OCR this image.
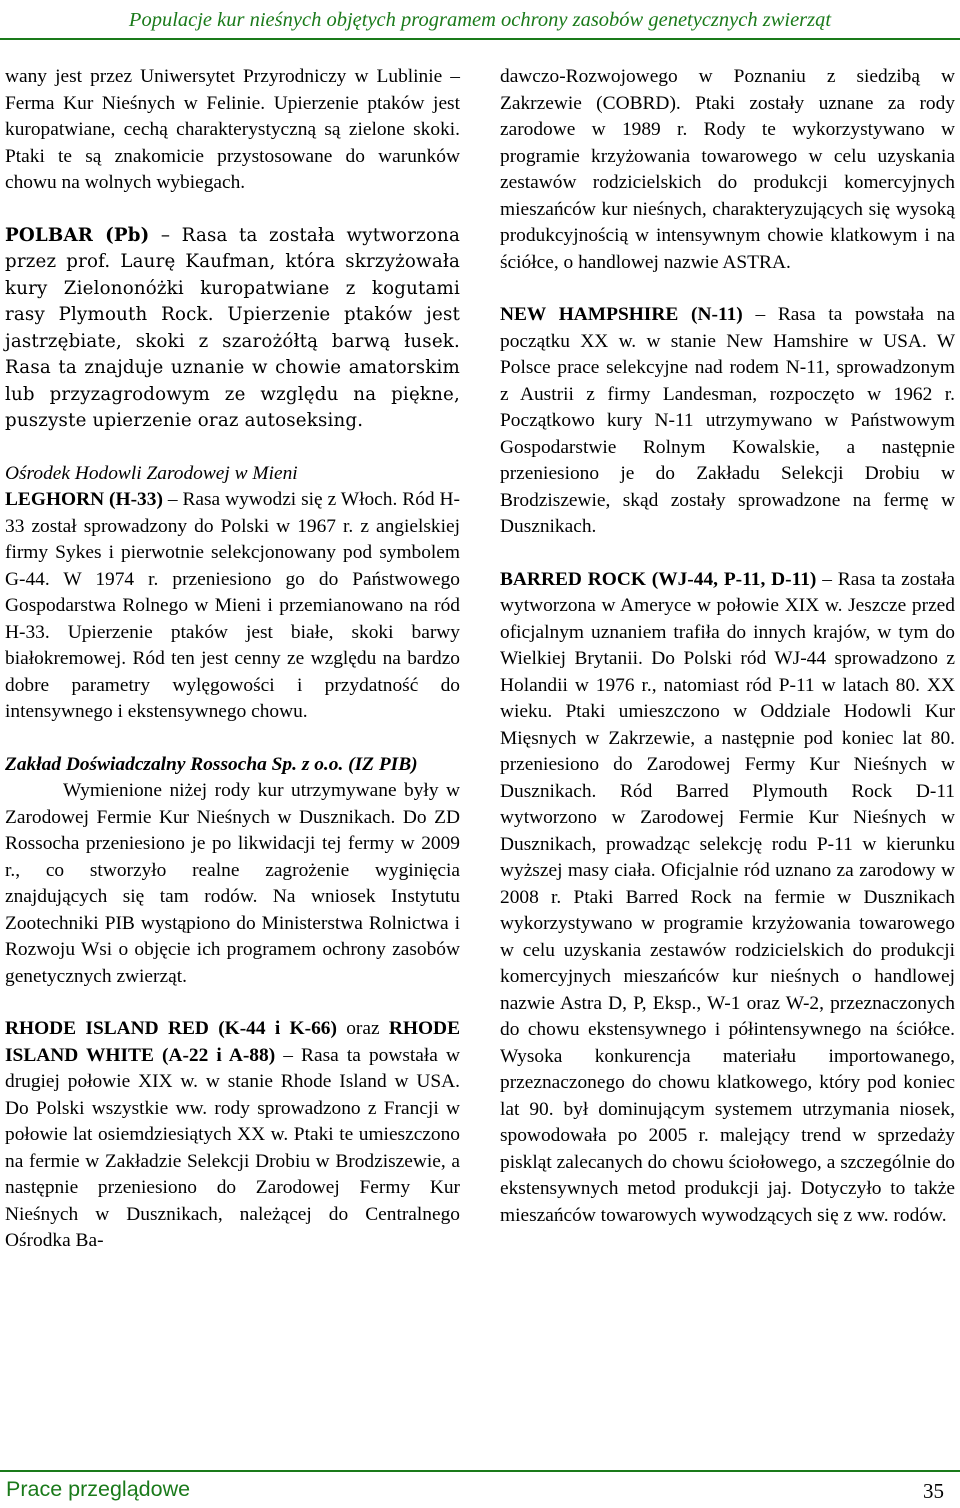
Populacje kur nieśnych objętych programem ochrony zasobów genetycznych zwierząt

wany jest przez Uniwersytet Przyrodniczy w Lublinie – Ferma Kur Nieśnych w Felinie. Upierzenie ptaków jest kuropatwiane, cechą charakterystyczną są zielone skoki. Ptaki te są znakomicie przystosowane do warunków chowu na wolnych wybiegach.

POLBAR (Pb) – Rasa ta została wytworzona przez prof. Laurę Kaufman, która skrzyżowała kury Zielononóżki kuropatwiane z kogutami rasy Plymouth Rock. Upierzenie ptaków jest jastrzębiate, skoki z szarożółtą barwą łusek. Rasa ta znajduje uznanie w chowie amatorskim lub przyzagrodowym ze względu na piękne, puszyste upierzenie oraz autoseksing.

Ośrodek Hodowli Zarodowej w Mieni

LEGHORN (H-33) – Rasa wywodzi się z Włoch. Ród H-33 został sprowadzony do Polski w 1967 r. z angielskiej firmy Sykes i pierwotnie selekcjonowany pod symbolem G-44. W 1974 r. przeniesiono go do Państwowego Gospodarstwa Rolnego w Mieni i przemianowano na ród H-33. Upierzenie ptaków jest białe, skoki barwy białokremowej. Ród ten jest cenny ze względu na bardzo dobre parametry wylęgowości i przydatność do intensywnego i ekstensywnego chowu.

Zakład Doświadczalny Rossocha Sp. z o.o. (IZ PIB)

Wymienione niżej rody kur utrzymywane były w Zarodowej Fermie Kur Nieśnych w Dusznikach. Do ZD Rossocha przeniesiono je po likwidacji tej fermy w 2009 r., co stworzyło realne zagrożenie wyginięcia znajdujących się tam rodów. Na wniosek Instytutu Zootechniki PIB wystąpiono do Ministerstwa Rolnictwa i Rozwoju Wsi o objęcie ich programem ochrony zasobów genetycznych zwierząt.

RHODE ISLAND RED (K-44 i K-66) oraz RHODE ISLAND WHITE (A-22 i A-88) – Rasa ta powstała w drugiej połowie XIX w. w stanie Rhode Island w USA. Do Polski wszystkie ww. rody sprowadzono z Francji w połowie lat osiemdziesiątych XX w. Ptaki te umieszczono na fermie w Zakładzie Selekcji Drobiu w Brodziszewie, a następnie przeniesiono do Zarodowej Fermy Kur Nieśnych w Dusznikach, należącej do Centralnego Ośrodka Ba-

dawczo-Rozwojowego w Poznaniu z siedzibą w Zakrzewie (COBRD). Ptaki zostały uznane za rody zarodowe w 1989 r. Rody te wykorzystywano w programie krzyżowania towarowego w celu uzyskania zestawów rodzicielskich do produkcji komercyjnych mieszańców kur nieśnych, charakteryzujących się wysoką produkcyjnością w intensywnym chowie klatkowym i na ściółce, o handlowej nazwie ASTRA.

NEW HAMPSHIRE (N-11) – Rasa ta powstała na początku XX w. w stanie New Hamshire w USA. W Polsce prace selekcyjne nad rodem N-11, sprowadzonym z Austrii z firmy Landesman, rozpoczęto w 1962 r. Początkowo kury N-11 utrzymywano w Państwowym Gospodarstwie Rolnym Kowalskie, a następnie przeniesiono je do Zakładu Selekcji Drobiu w Brodziszewie, skąd zostały sprowadzone na fermę w Dusznikach.

BARRED ROCK (WJ-44, P-11, D-11) – Rasa ta została wytworzona w Ameryce w połowie XIX w. Jeszcze przed oficjalnym uznaniem trafiła do innych krajów, w tym do Wielkiej Brytanii. Do Polski ród WJ-44 sprowadzono z Holandii w 1976 r., natomiast ród P-11 w latach 80. XX wieku. Ptaki umieszczono w Oddziale Hodowli Kur Mięsnych w Zakrzewie, a następnie pod koniec lat 80. przeniesiono do Zarodowej Fermy Kur Nieśnych w Dusznikach. Ród Barred Plymouth Rock D-11 wytworzono w Zarodowej Fermie Kur Nieśnych w Dusznikach, prowadząc selekcję rodu P-11 w kierunku wyższej masy ciała. Oficjalnie ród uznano za zarodowy w 2008 r. Ptaki Barred Rock na fermie w Dusznikach wykorzystywano w programie krzyżowania towarowego w celu uzyskania zestawów rodzicielskich do produkcji komercyjnych mieszańców kur nieśnych o handlowej nazwie Astra D, P, Eksp., W-1 oraz W-2, przeznaczonych do chowu ekstensywnego i półintensywnego na ściółce. Wysoka konkurencja materiału importowanego, przeznaczonego do chowu klatkowego, który pod koniec lat 90. był dominującym systemem utrzymania niosek, spowodowała po 2005 r. malejący trend w sprzedaży piskląt zalecanych do chowu ściołowego, a szczególnie do ekstensywnych metod produkcji jaj. Dotyczyło to także mieszańców towarowych wywodzących się z ww. rodów.

Prace przeglądowe	35
